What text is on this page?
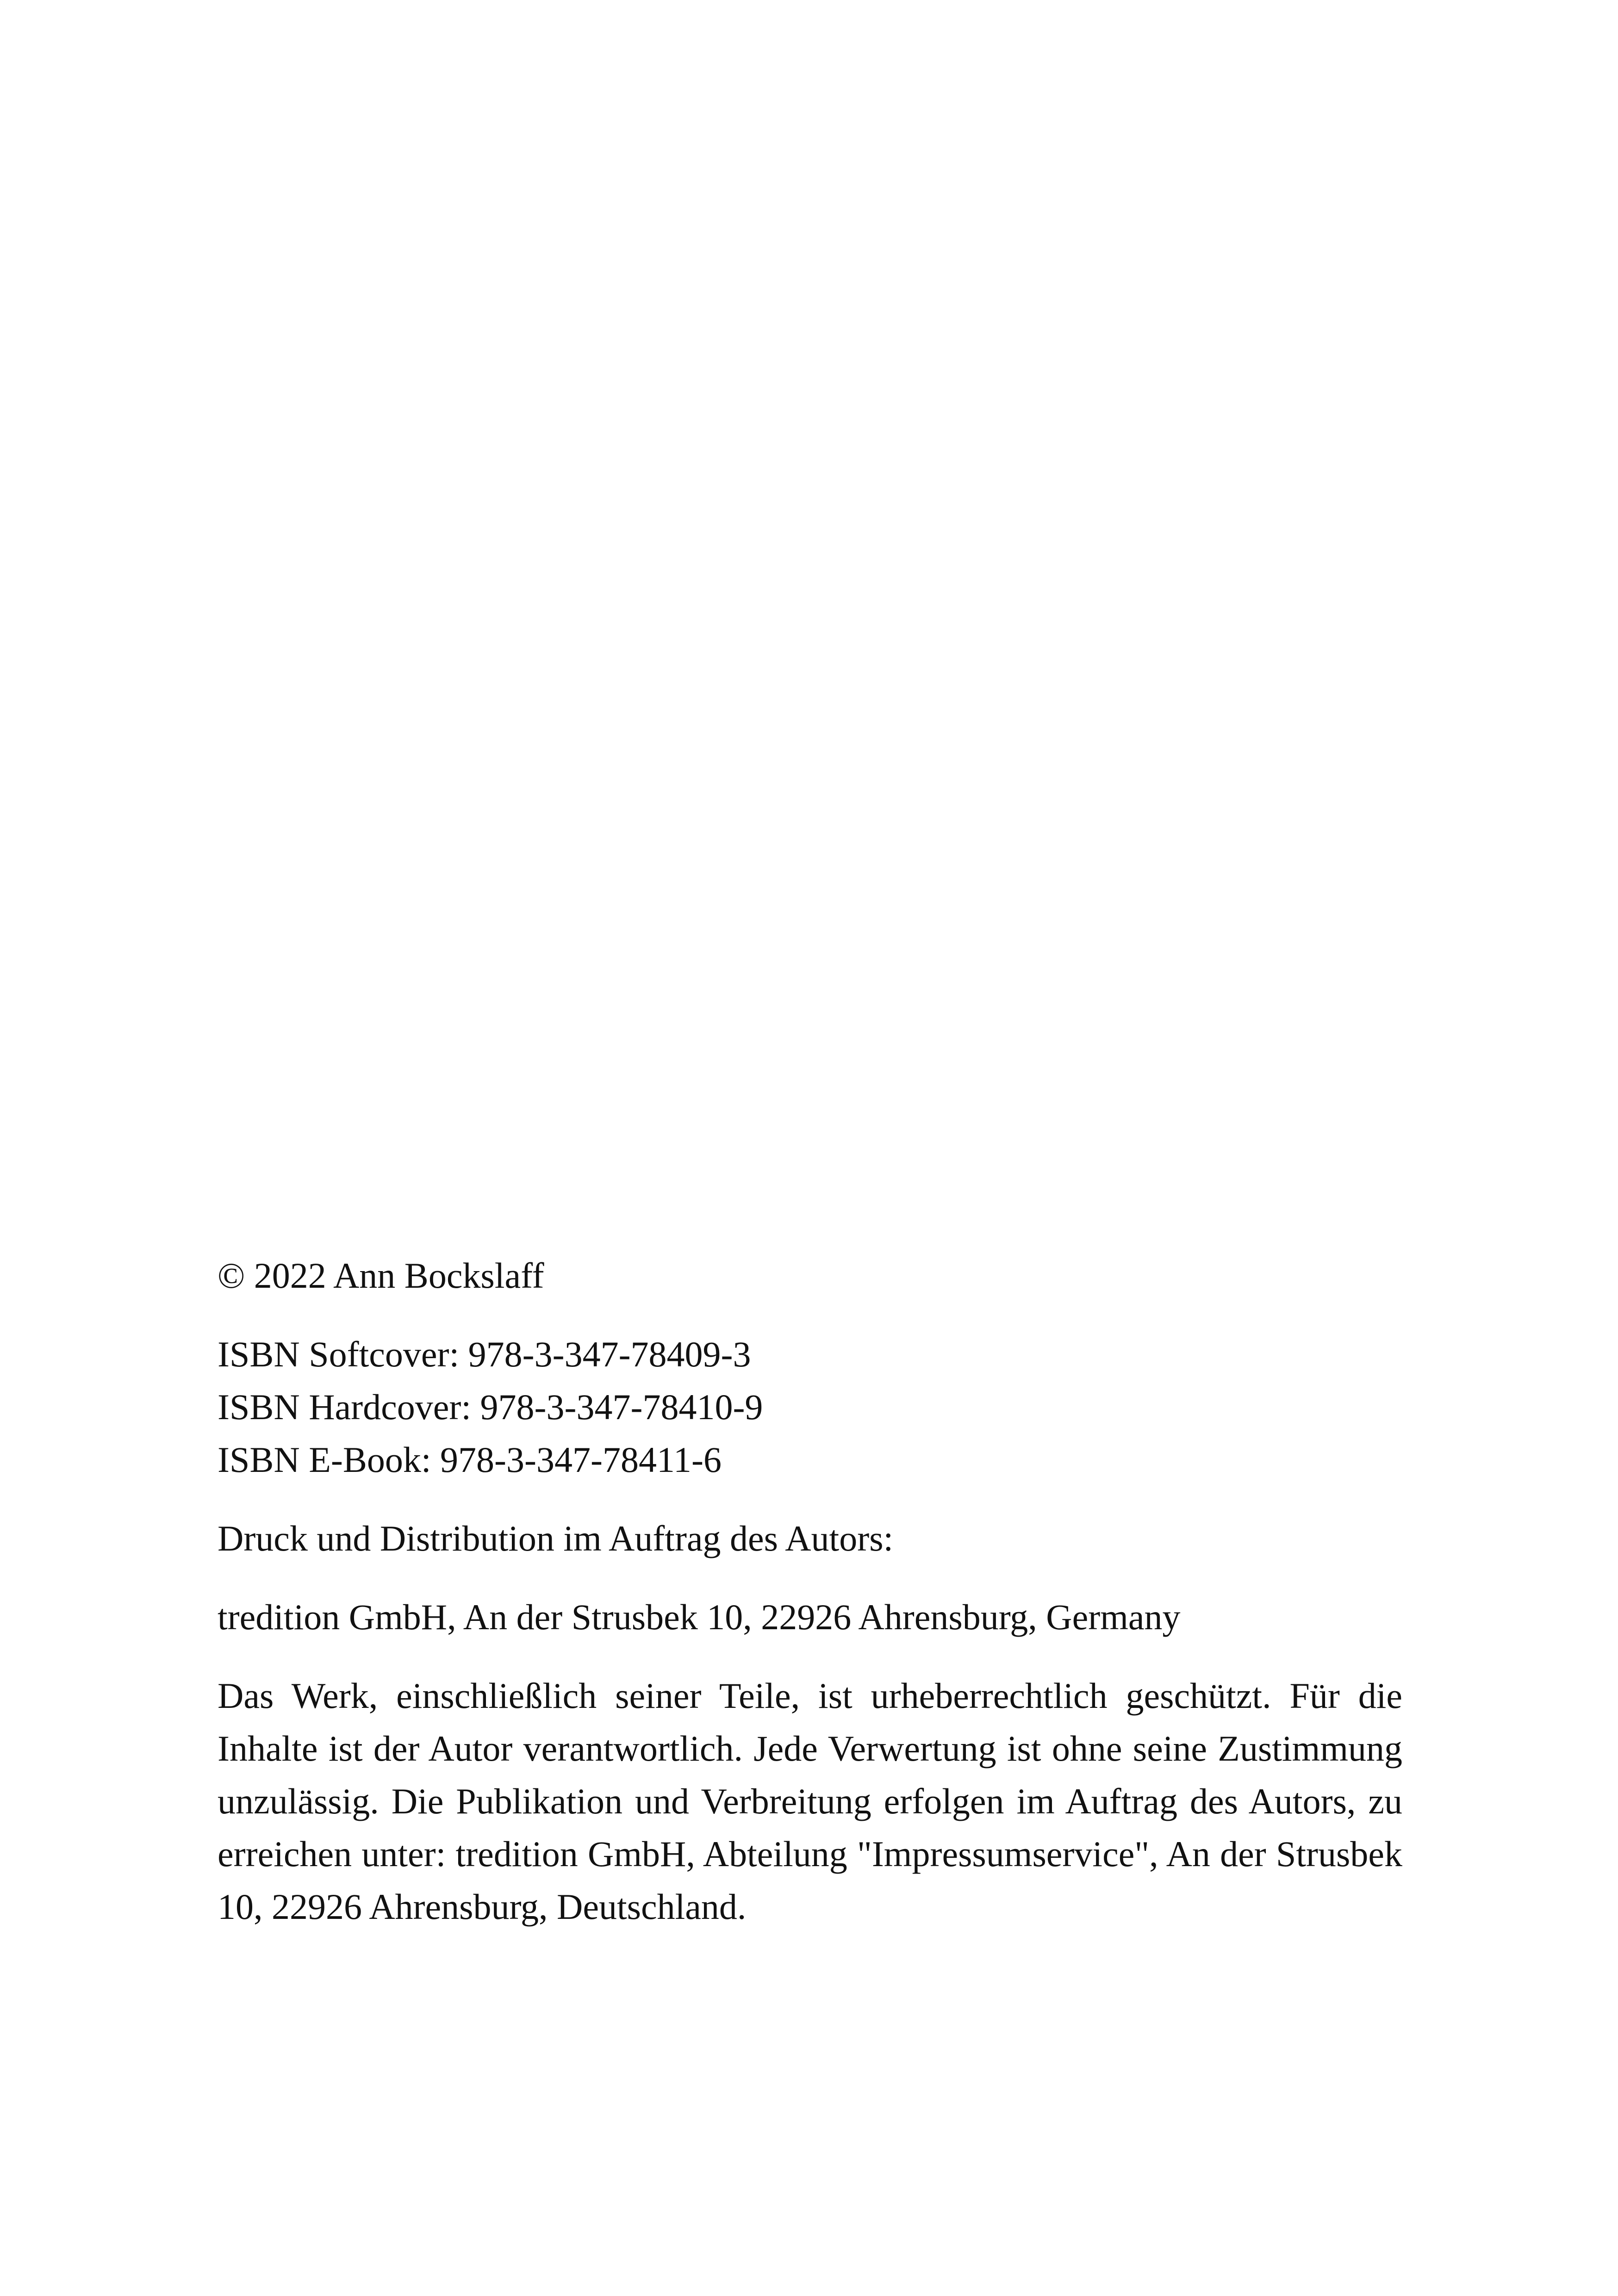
© 2022 Ann Bockslaff

ISBN Softcover: 978-3-347-78409-3

ISBN Hardcover: 978-3-347-78410-9

ISBN E-Book: 978-3-347-78411-6

Druck und Distribution im Auftrag des Autors:

tredition GmbH, An der Strusbek 10, 22926 Ahrensburg, Germany

Das Werk, einschließlich seiner Teile, ist urheberrechtlich geschützt. Für die Inhalte ist der Autor verantwortlich. Jede Verwertung ist ohne seine Zustimmung unzulässig. Die Publikation und Verbreitung erfolgen im Auftrag des Autors, zu erreichen unter: tredition GmbH, Abteilung "Impressumservice", An der Strusbek 10, 22926 Ahrensburg, Deutschland.
